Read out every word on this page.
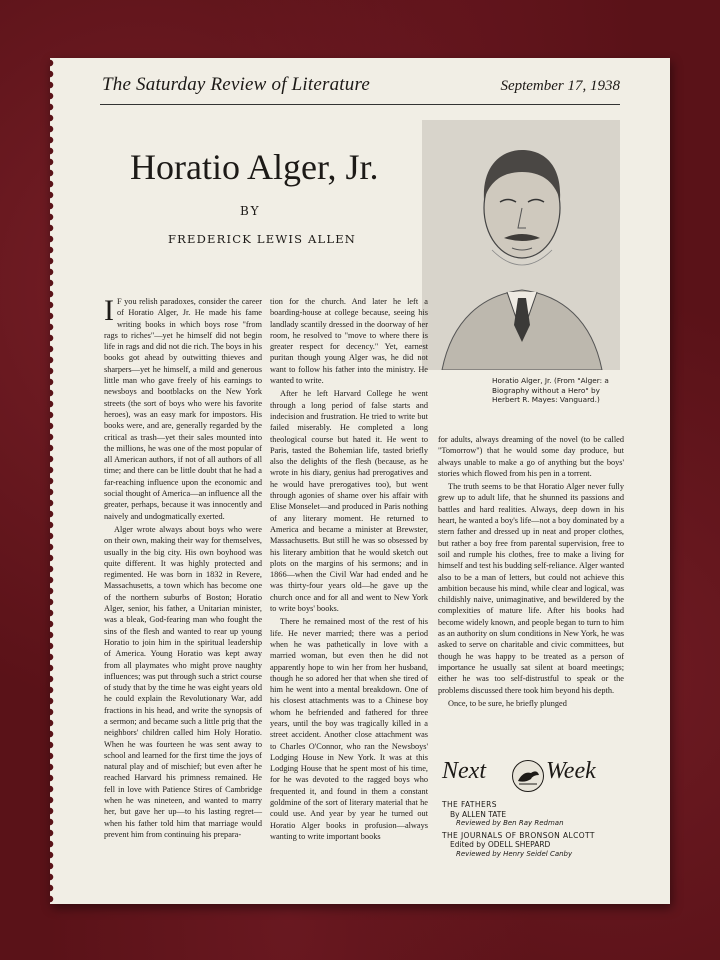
The Saturday Review of Literature	September 17, 1938
Horatio Alger, Jr.
BY
FREDERICK LEWIS ALLEN
Horatio Alger, Jr. (From "Alger: a Biography without a Hero" by Herbert R. Mayes: Vanguard.)

I F you relish paradoxes, consider the career of Horatio Alger, Jr. He made his fame writing books in which boys rose "from rags to riches"—yet he himself did not begin life in rags and did not die rich. The boys in his books got ahead by outwitting thieves and sharpers—yet he himself, a mild and generous little man who gave freely of his earnings to newsboys and bootblacks on the New York streets (the sort of boys who were his favorite heroes), was an easy mark for impostors. His books were, and are, generally regarded by the critical as trash—yet their sales mounted into the millions, he was one of the most popular of all American authors, if not of all authors of all time; and there can be little doubt that he had a far-reaching influence upon the economic and social thought of America—an influence all the greater, perhaps, because it was innocently and naively and undogmatically exerted.

Alger wrote always about boys who were on their own, making their way for themselves, usually in the big city. His own boyhood was quite different. It was highly protected and regimented. He was born in 1832 in Revere, Massachusetts, a town which has become one of the northern suburbs of Boston; Horatio Alger, senior, his father, a Unitarian minister, was a bleak, God-fearing man who fought the sins of the flesh and wanted to rear up young Horatio to join him in the spiritual leadership of America. Young Horatio was kept away from all playmates who might prove naughty influences; was put through such a strict course of study that by the time he was eight years old he could explain the Revolutionary War, add fractions in his head, and write the synopsis of a sermon; and became such a little prig that the neighbors' children called him Holy Horatio. When he was fourteen he was sent away to school and learned for the first time the joys of natural play and of mischief; but even after he reached Harvard his primness remained. He fell in love with Patience Stires of Cambridge when he was nineteen, and wanted to marry her, but gave her up—to his lasting regret—when his father told him that marriage would prevent him from continuing his prepara-

tion for the church. And later he left a boarding-house at college because, seeing his landlady scantily dressed in the doorway of her room, he resolved to "move to where there is greater respect for decency." Yet, earnest puritan though young Alger was, he did not want to follow his father into the ministry. He wanted to write.

After he left Harvard College he went through a long period of false starts and indecision and frustration. He tried to write but failed miserably. He completed a long theological course but hated it. He went to Paris, tasted the Bohemian life, tasted briefly also the delights of the flesh (because, as he wrote in his diary, genius had prerogatives and he would have prerogatives too), but went through agonies of shame over his affair with Elise Monselet—and produced in Paris nothing of any literary moment. He returned to America and became a minister at Brewster, Massachusetts. But still he was so obsessed by his literary ambition that he would sketch out plots on the margins of his sermons; and in 1866—when the Civil War had ended and he was thirty-four years old—he gave up the church once and for all and went to New York to write boys' books.

There he remained most of the rest of his life. He never married; there was a period when he was pathetically in love with a married woman, but even then he did not apparently hope to win her from her husband, though he so adored her that when she tired of him he went into a mental breakdown. One of his closest attachments was to a Chinese boy whom he befriended and fathered for three years, until the boy was tragically killed in a street accident. Another close attachment was to Charles O'Connor, who ran the Newsboys' Lodging House in New York. It was at this Lodging House that he spent most of his time, for he was devoted to the ragged boys who frequented it, and found in them a constant goldmine of the sort of literary material that he could use. And year by year he turned out Horatio Alger books in profusion—always wanting to write important books

for adults, always dreaming of the novel (to be called "Tomorrow") that he would some day produce, but always unable to make a go of anything but the boys' stories which flowed from his pen in a torrent.

The truth seems to be that Horatio Alger never fully grew up to adult life, that he shunned its passions and battles and hard realities. Always, deep down in his heart, he wanted a boy's life—not a boy dominated by a stern father and dressed up in neat and proper clothes, but rather a boy free from parental supervision, free to soil and rumple his clothes, free to make a living for himself and test his budding self-reliance. Alger wanted also to be a man of letters, but could not achieve this ambition because his mind, while clear and logical, was childishly naive, unimaginative, and bewildered by the complexities of mature life. After his books had become widely known, and people began to turn to him as an authority on slum conditions in New York, he was asked to serve on charitable and civic committees, but though he was happy to be treated as a person of importance he usually sat silent at board meetings; either he was too self-distrustful to speak or the problems discussed there took him beyond his depth.

Once, to be sure, he briefly plunged

Next	Week
THE FATHERS
By ALLEN TATE
Reviewed by Ben Ray Redman
THE JOURNALS OF BRONSON ALCOTT
Edited by ODELL SHEPARD
Reviewed by Henry Seidel Canby
